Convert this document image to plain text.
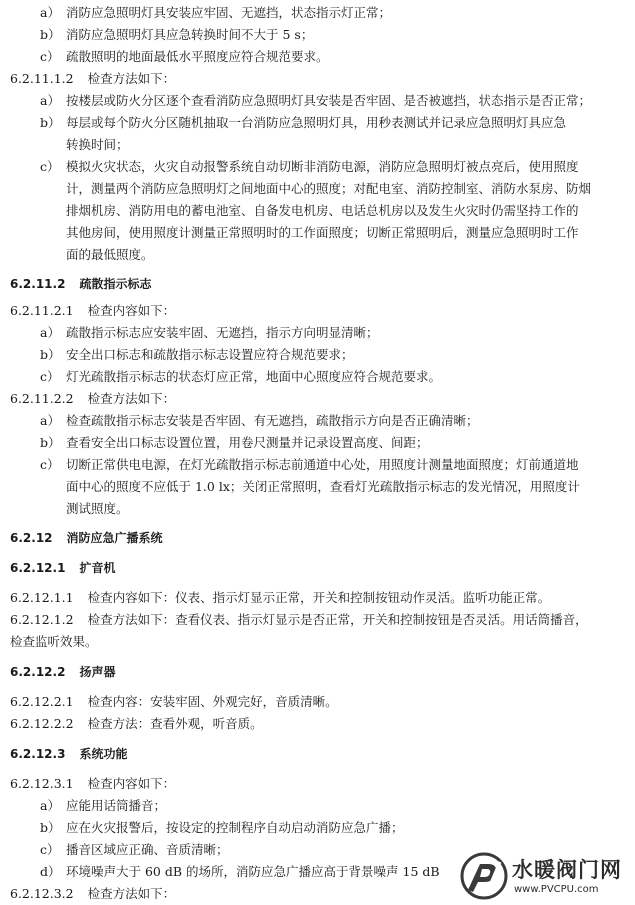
a） 消防应急照明灯具安装应牢固、无遮挡，状态指示灯正常；
b） 消防应急照明灯具应急转换时间不大于 5 s；
c） 疏散照明的地面最低水平照度应符合规范要求。
6.2.11.1.2 检查方法如下：
a） 按楼层或防火分区逐个查看消防应急照明灯具安装是否牢固、是否被遮挡，状态指示是否正常；
b） 每层或每个防火分区随机抽取一台消防应急照明灯具，用秒表测试并记录应急照明灯具应急
转换时间；
c） 模拟火灾状态，火灾自动报警系统自动切断非消防电源，消防应急照明灯被点亮后，使用照度
计，测量两个消防应急照明灯之间地面中心的照度；对配电室、消防控制室、消防水泵房、防烟
排烟机房、消防用电的蓄电池室、自备发电机房、电话总机房以及发生火灾时仍需坚持工作的
其他房间，使用照度计测量正常照明时的工作面照度；切断正常照明后，测量应急照明时工作
面的最低照度。
6.2.11.2 疏散指示标志
6.2.11.2.1 检查内容如下：
a） 疏散指示标志应安装牢固、无遮挡，指示方向明显清晰；
b） 安全出口标志和疏散指示标志设置应符合规范要求；
c） 灯光疏散指示标志的状态灯应正常，地面中心照度应符合规范要求。
6.2.11.2.2 检查方法如下：
a） 检查疏散指示标志安装是否牢固、有无遮挡，疏散指示方向是否正确清晰；
b） 查看安全出口标志设置位置，用卷尺测量并记录设置高度、间距；
c） 切断正常供电电源，在灯光疏散指示标志前通道中心处，用照度计测量地面照度；灯前通道地
面中心的照度不应低于 1.0 lx；关闭正常照明，查看灯光疏散指示标志的发光情况，用照度计
测试照度。
6.2.12 消防应急广播系统
6.2.12.1 扩音机
6.2.12.1.1 检查内容如下：仪表、指示灯显示正常，开关和控制按钮动作灵活。监听功能正常。
6.2.12.1.2 检查方法如下：查看仪表、指示灯显示是否正常，开关和控制按钮是否灵活。用话筒播音，
检查监听效果。
6.2.12.2 扬声器
6.2.12.2.1 检查内容：安装牢固、外观完好，音质清晰。
6.2.12.2.2 检查方法：查看外观，听音质。
6.2.12.3 系统功能
6.2.12.3.1 检查内容如下：
a） 应能用话筒播音；
b） 应在火灾报警后，按设定的控制程序自动启动消防应急广播；
c） 播音区域应正确、音质清晰；
d） 环境噪声大于 60 dB 的场所，消防应急广播应高于背景噪声 15 dB
6.2.12.3.2 检查方法如下：
水暖阀门网
www.PVCPU.com
